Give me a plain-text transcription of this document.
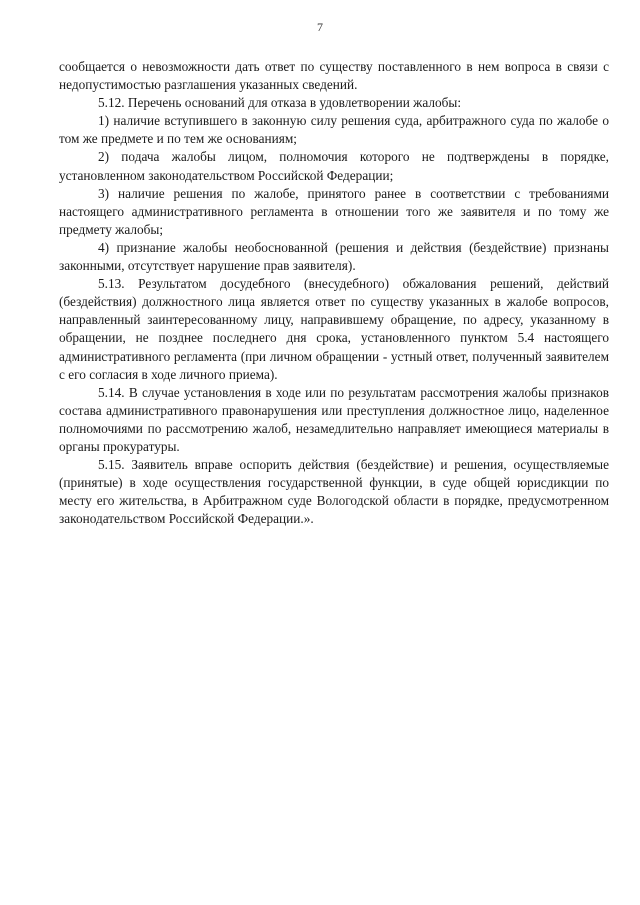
7

сообщается о невозможности дать ответ по существу поставленного в нем вопроса в связи с недопустимостью разглашения указанных сведений.

5.12. Перечень оснований для отказа в удовлетворении жалобы:

1) наличие вступившего в законную силу решения суда, арбитражного суда по жалобе о том же предмете и по тем же основаниям;

2) подача жалобы лицом, полномочия которого не подтверждены в порядке, установленном законодательством Российской Федерации;

3) наличие решения по жалобе, принятого ранее в соответствии с требованиями настоящего административного регламента в отношении того же заявителя и по тому же предмету жалобы;

4) признание жалобы необоснованной (решения и действия (бездействие) признаны законными, отсутствует нарушение прав заявителя).

5.13. Результатом досудебного (внесудебного) обжалования решений, действий (бездействия) должностного лица является ответ по существу указанных в жалобе вопросов, направленный заинтересованному лицу, направившему обращение, по адресу, указанному в обращении, не позднее последнего дня срока, установленного пунктом 5.4 настоящего административного регламента (при личном обращении - устный ответ, полученный заявителем с его согласия в ходе личного приема).

5.14. В случае установления в ходе или по результатам рассмотрения жалобы признаков состава административного правонарушения или преступления должностное лицо, наделенное полномочиями по рассмотрению жалоб, незамедлительно направляет имеющиеся материалы в органы прокуратуры.

5.15. Заявитель вправе оспорить действия (бездействие) и решения, осуществляемые (принятые) в ходе осуществления государственной функции, в суде общей юрисдикции по месту его жительства, в Арбитражном суде Вологодской области в порядке, предусмотренном законодательством Российской Федерации.».
